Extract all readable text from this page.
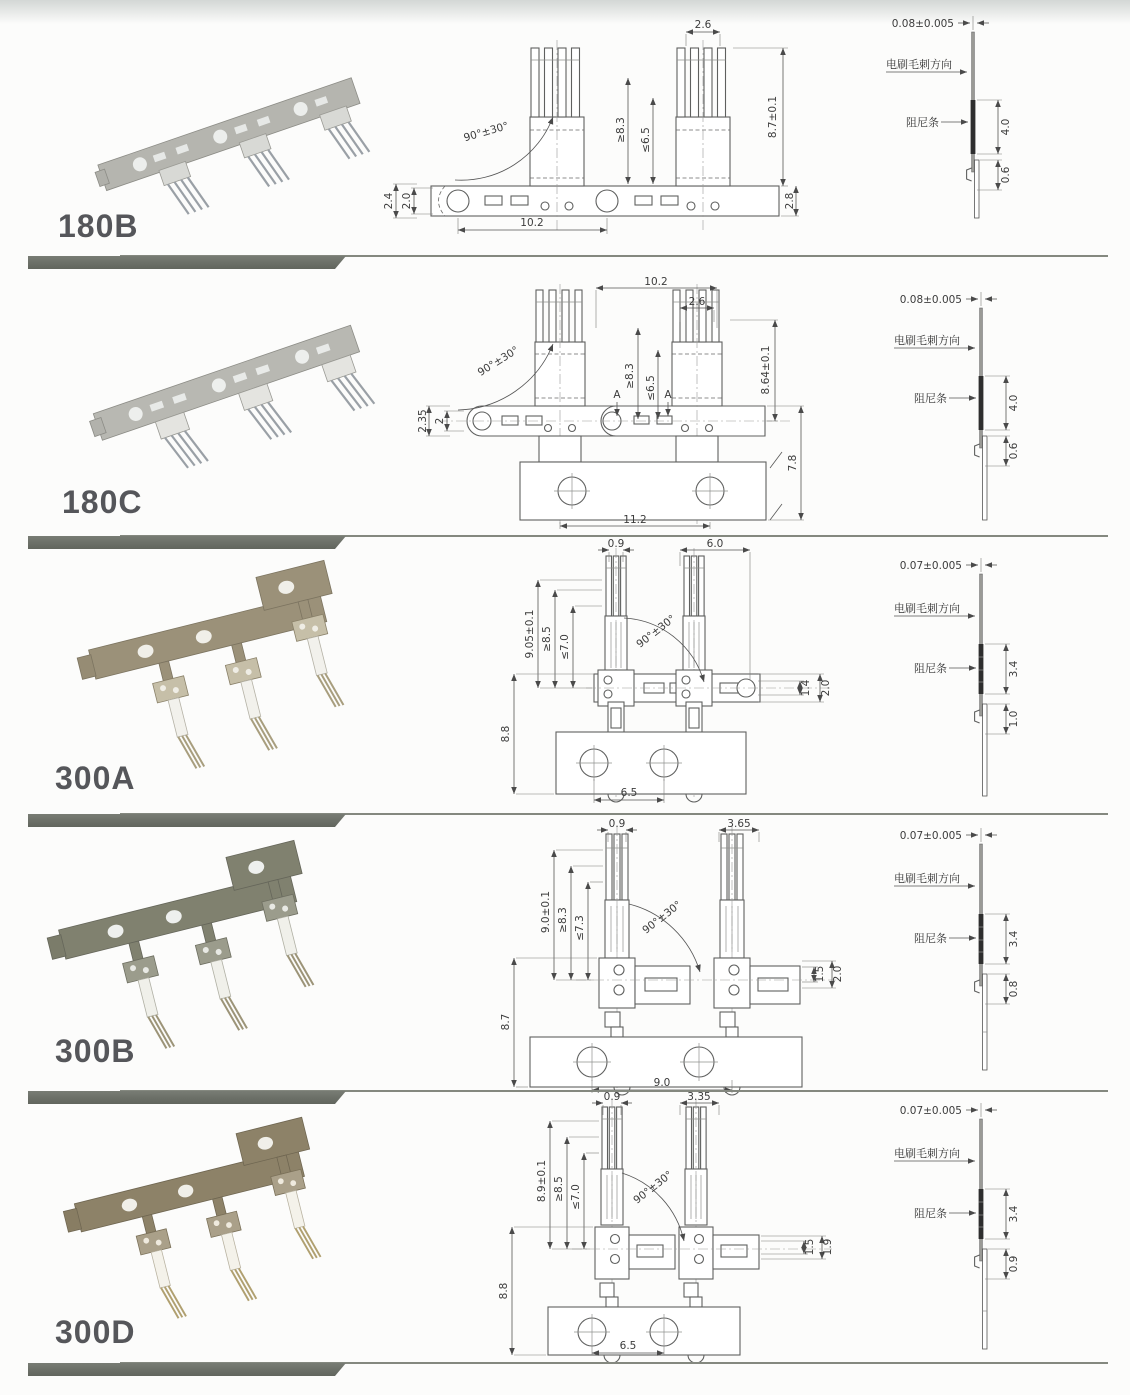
180B
2.6
8.7±0.1
2.8
2.4 2.0
≥8.3 ≤6.5
90°±30°
10.2
0.08±0.005
电刷毛刺方向
阻尼条	4.0
0.6
180C
10.2
2.6
8.64±0.1
≥8.3 ≤6.5
A	A
90°±30°
2.35 2
7.8
11.2
0.08±0.005
电刷毛刺方向
阻尼条	4.0
0.6
300A
0.9	6.0
9.05±0.1 ≥8.5 ≤7.0
8.8
90°±30°
1.4 2.0
6.5
0.07±0.005
电刷毛刺方向
阻尼条	3.4
1.0
300B
0.9	3.65
9.0±0.1 ≥8.3 ≤7.3
8.7
90°±30°
1.5 2.0
9.0
0.07±0.005
电刷毛刺方向
阻尼条	3.4
0.8
300D
0.9	3.35
8.9±0.1 ≥8.5 ≤7.0
8.8
90°±30°
1.5 1.9
6.5
0.07±0.005
电刷毛刺方向
阻尼条	3.4
0.9
